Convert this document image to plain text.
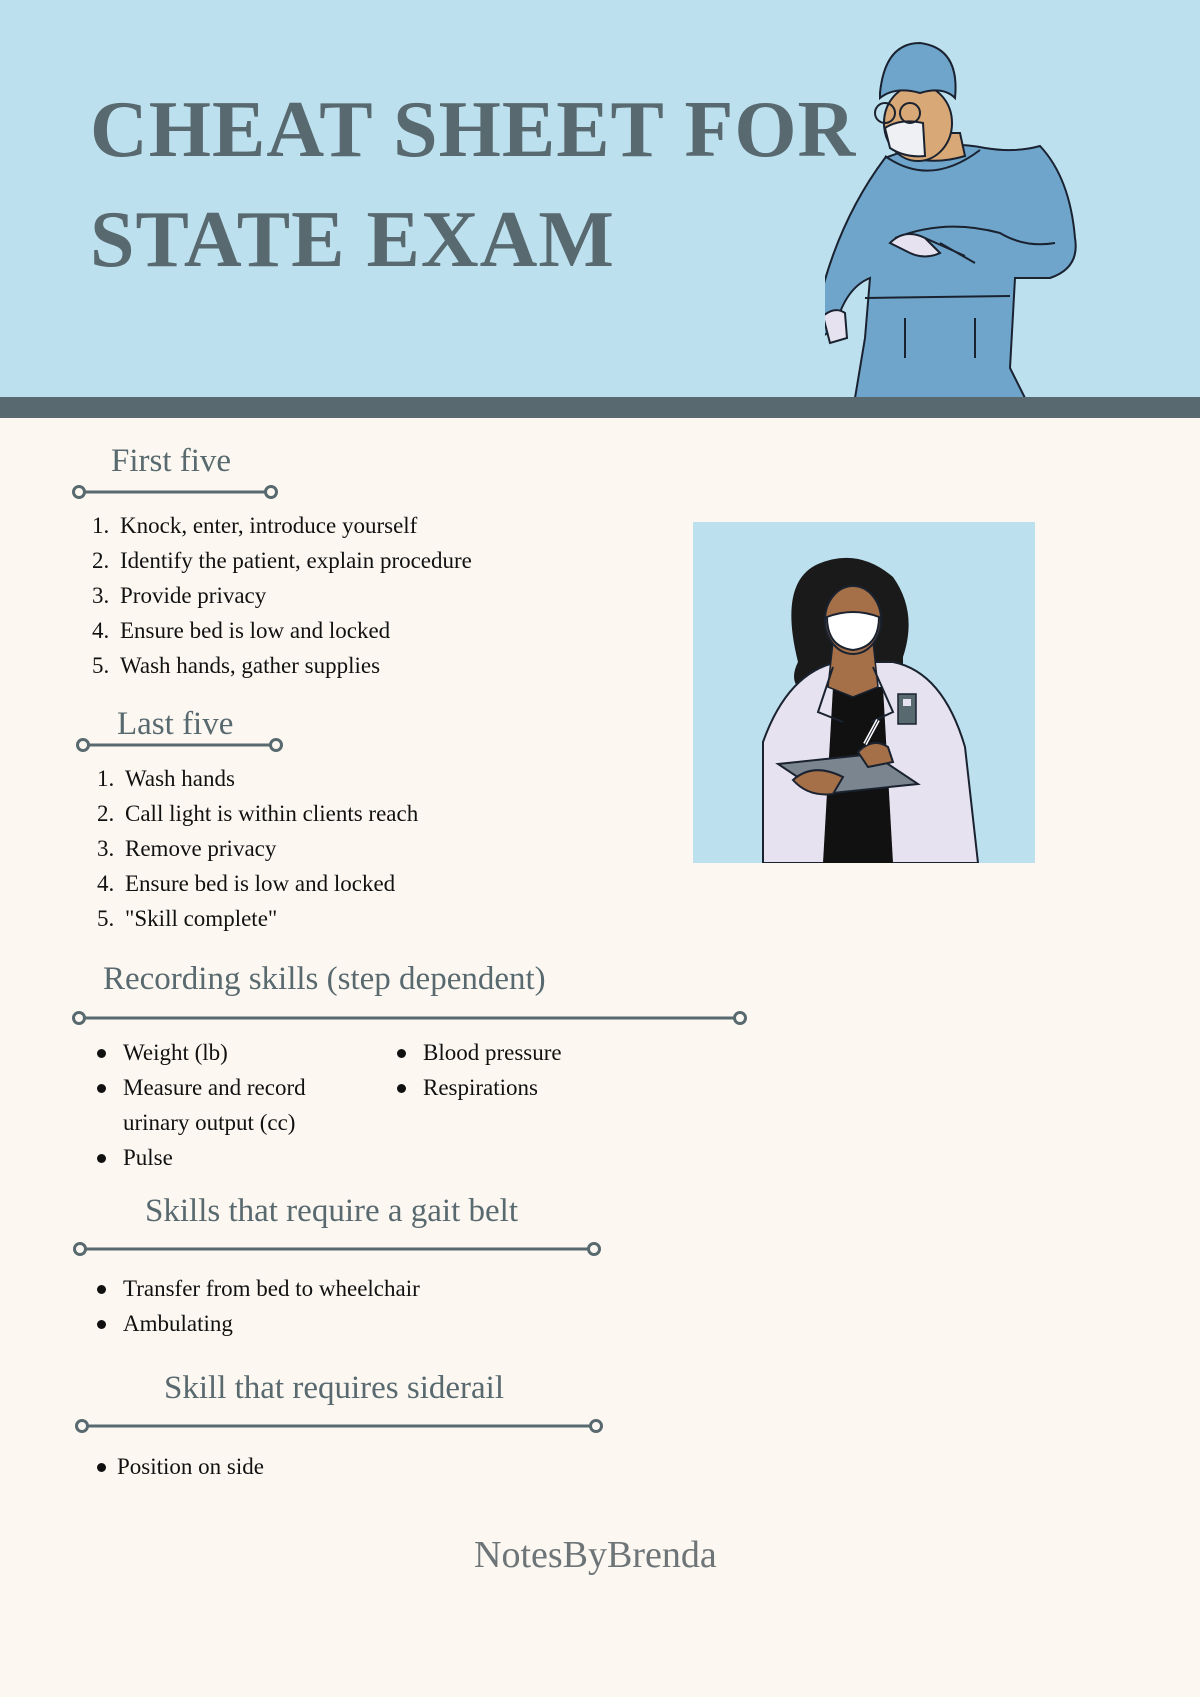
CHEAT SHEET FOR
STATE EXAM
First five
1. Knock, enter, introduce yourself
2. Identify the patient, explain procedure
3. Provide privacy
4. Ensure bed is low and locked
5. Wash hands, gather supplies
Last five
1. Wash hands
2. Call light is within clients reach
3. Remove privacy
4. Ensure bed is low and locked
5. "Skill complete"
Recording skills (step dependent)
Weight (lb)
Measure and record urinary output (cc)
Pulse
Blood pressure
Respirations
Skills that require a gait belt
Transfer from bed to wheelchair
Ambulating
Skill that requires siderail
Position on side
NotesByBrenda
